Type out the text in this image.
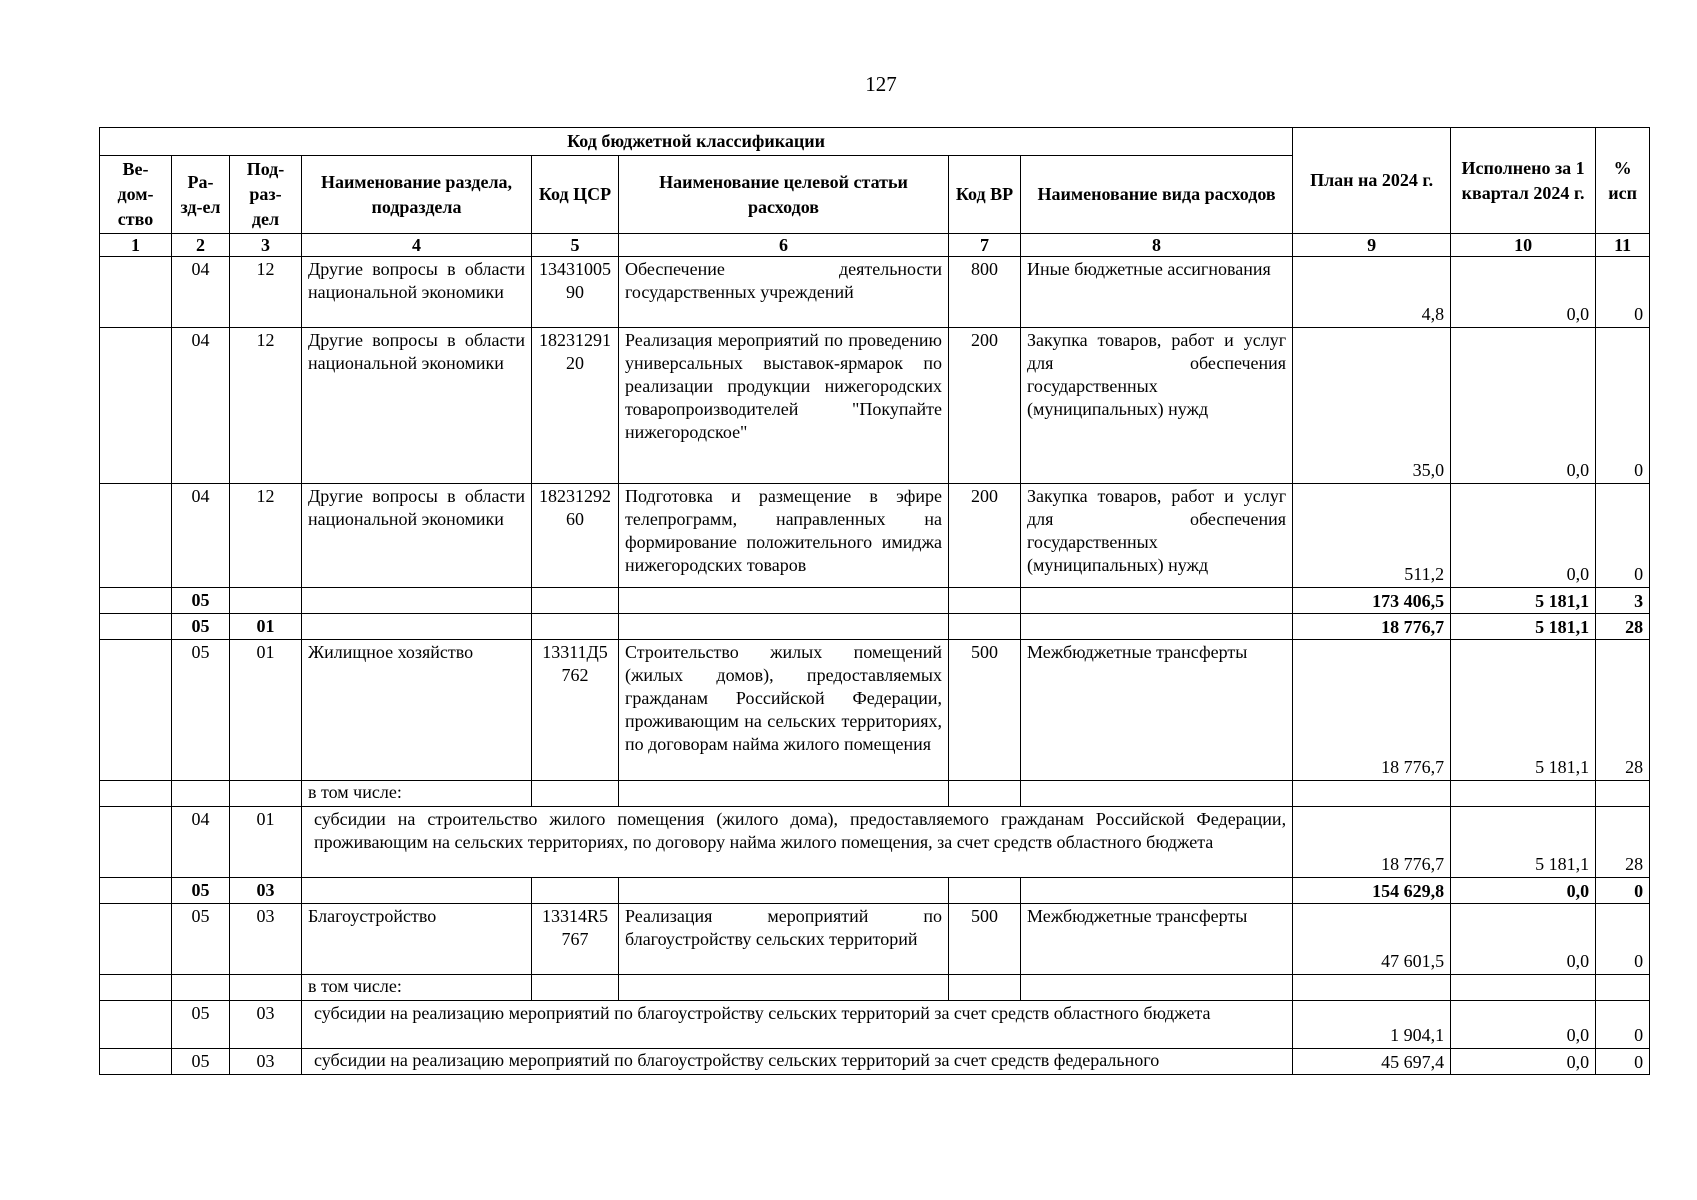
127
Код бюджетной классификации								План на 2024 г.	Исполнено за 1 квартал 2024 г.	% исп
Ве-дом-ство	Ра-зд-ел	Под-раз-дел	Наименование раздела, подраздела	Код ЦСР	Наименование целевой статьи расходов	Код ВР	Наименование вида расходов			
1	2	3	4	5	6	7	8	9	10	11
	04	12	Другие вопросы в области национальной экономики	1343100590	Обеспечение деятельности государственных учреждений	800	Иные бюджетные ассигнования	4,8	0,0	0
	04	12	Другие вопросы в области национальной экономики	1823129120	Реализация мероприятий по проведению универсальных выставок-ярмарок по реализации продукции нижегородских товаропроизводителей "Покупайте нижегородское"	200	Закупка товаров, работ и услуг для обеспечения государственных (муниципальных) нужд	35,0	0,0	0
	04	12	Другие вопросы в области национальной экономики	1823129260	Подготовка и размещение в эфире телепрограмм, направленных на формирование положительного имиджа нижегородских товаров	200	Закупка товаров, работ и услуг для обеспечения государственных (муниципальных) нужд	511,2	0,0	0
	05							173 406,5	5 181,1	3
	05	01						18 776,7	5 181,1	28
	05	01	Жилищное хозяйство	13311Д5762	Строительство жилых помещений (жилых домов), предоставляемых гражданам Российской Федерации, проживающим на сельских территориях, по договорам найма жилого помещения	500	Межбюджетные трансферты	18 776,7	5 181,1	28
			в том числе:							
	04	01	субсидии на строительство жилого помещения (жилого дома), предоставляемого гражданам Российской Федерации, проживающим на сельских территориях, по договору найма жилого помещения, за счет средств областного бюджета					18 776,7	5 181,1	28
	05	03						154 629,8	0,0	0
	05	03	Благоустройство	13314R5767	Реализация мероприятий по благоустройству сельских территорий	500	Межбюджетные трансферты	47 601,5	0,0	0
			в том числе:							
	05	03	субсидии на реализацию мероприятий по благоустройству сельских территорий за счет средств областного бюджета					1 904,1	0,0	0
	05	03	субсидии на реализацию мероприятий по благоустройству сельских территорий за счет средств федерального					45 697,4	0,0	0
